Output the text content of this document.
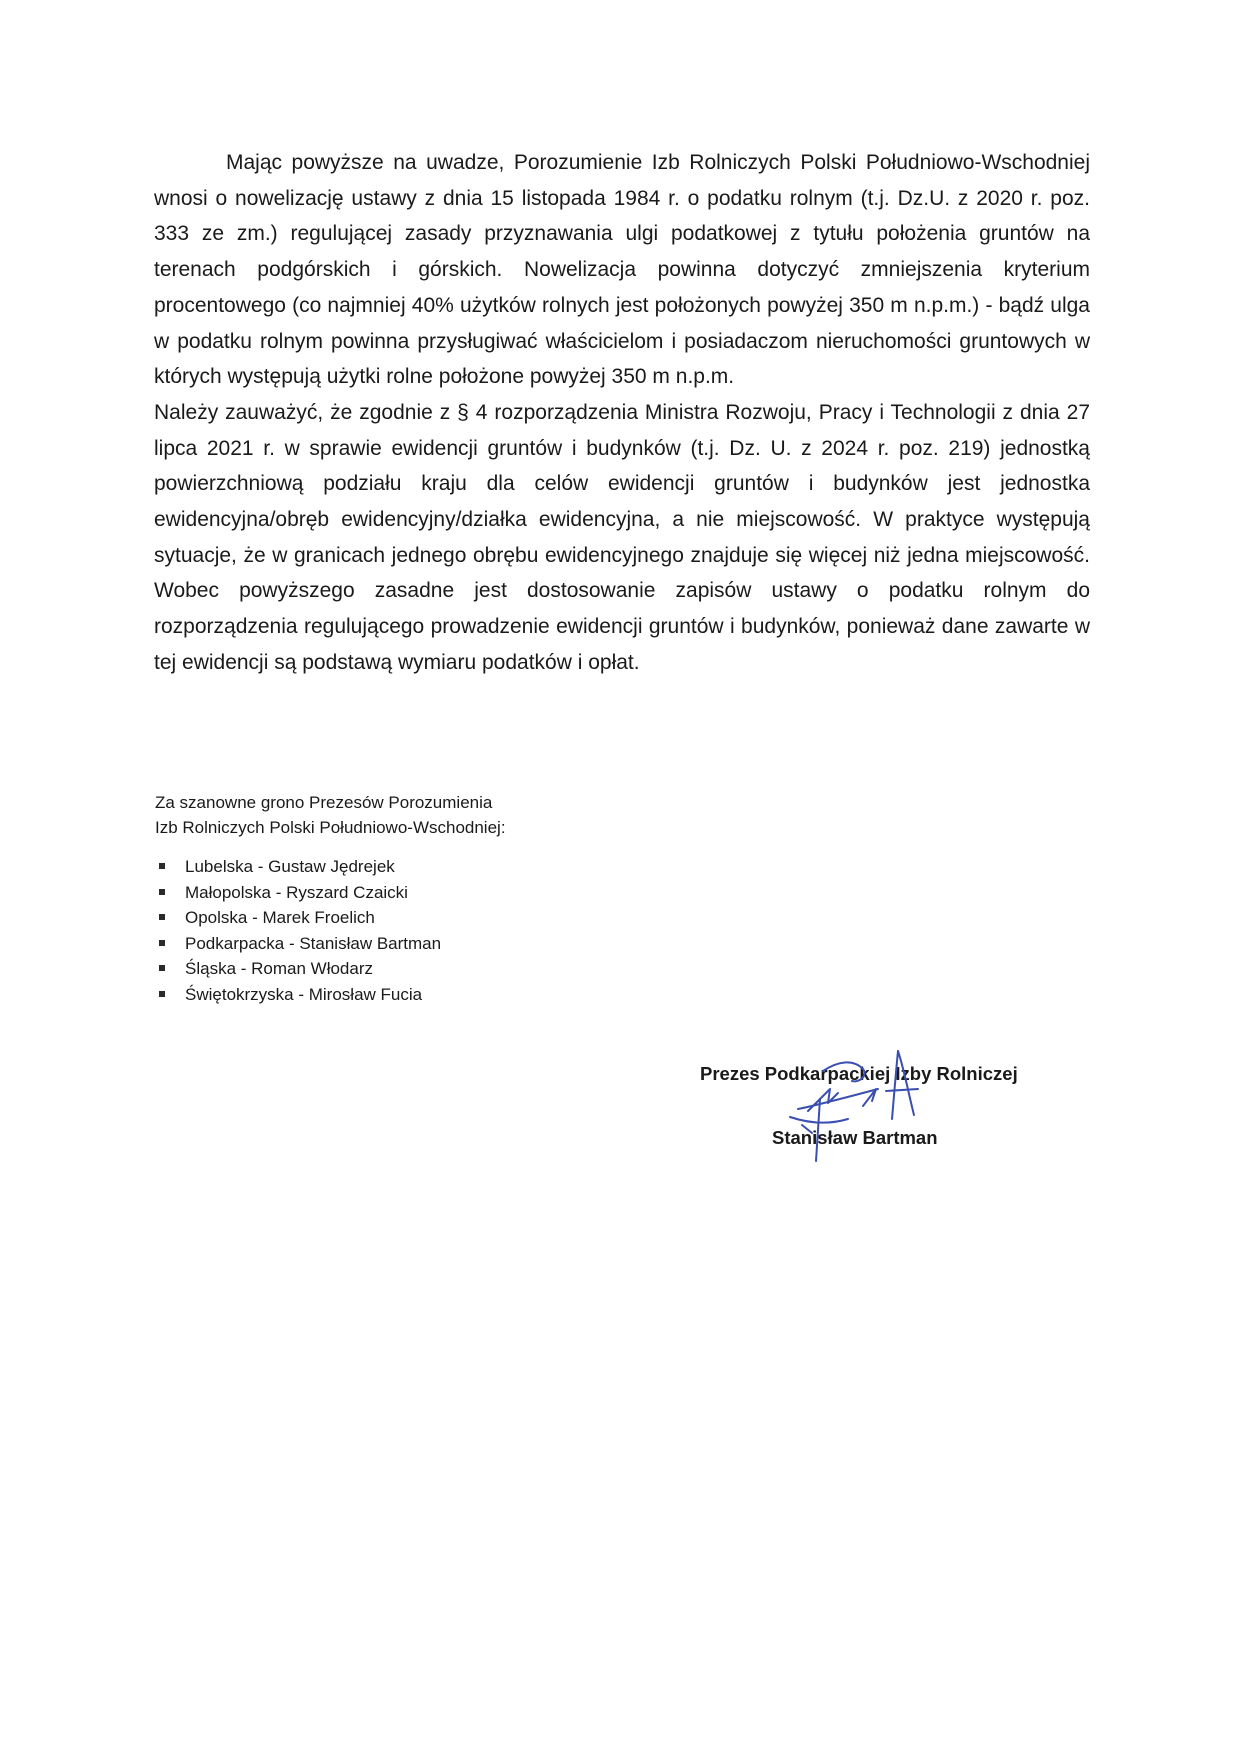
Mając powyższe na uwadze, Porozumienie Izb Rolniczych Polski Południowo-Wschodniej wnosi o nowelizację ustawy z dnia 15 listopada 1984 r. o podatku rolnym (t.j. Dz.U. z 2020 r. poz. 333 ze zm.) regulującej zasady przyznawania ulgi podatkowej z tytułu położenia gruntów na terenach podgórskich i górskich. Nowelizacja powinna dotyczyć zmniejszenia kryterium procentowego (co najmniej 40% użytków rolnych jest położonych powyżej 350 m n.p.m.) - bądź ulga w podatku rolnym powinna przysługiwać właścicielom i posiadaczom nieruchomości gruntowych w których występują użytki rolne położone powyżej 350 m n.p.m.

Należy zauważyć, że zgodnie z § 4 rozporządzenia Ministra Rozwoju, Pracy i Technologii z dnia 27 lipca 2021 r. w sprawie ewidencji gruntów i budynków (t.j. Dz. U. z 2024 r. poz. 219) jednostką powierzchniową podziału kraju dla celów ewidencji gruntów i budynków jest jednostka ewidencyjna/obręb ewidencyjny/działka ewidencyjna, a nie miejscowość. W praktyce występują sytuacje, że w granicach jednego obrębu ewidencyjnego znajduje się więcej niż jedna miejscowość. Wobec powyższego zasadne jest dostosowanie zapisów ustawy o podatku rolnym do rozporządzenia regulującego prowadzenie ewidencji gruntów i budynków, ponieważ dane zawarte w tej ewidencji są podstawą wymiaru podatków i opłat.

Za szanowne grono Prezesów Porozumienia
Izb Rolniczych Polski Południowo-Wschodniej:
Lubelska - Gustaw Jędrejek
Małopolska - Ryszard Czaicki
Opolska - Marek Froelich
Podkarpacka - Stanisław Bartman
Śląska - Roman Włodarz
Świętokrzyska - Mirosław Fucia
Prezes Podkarpackiej Izby Rolniczej
Stanisław Bartman
